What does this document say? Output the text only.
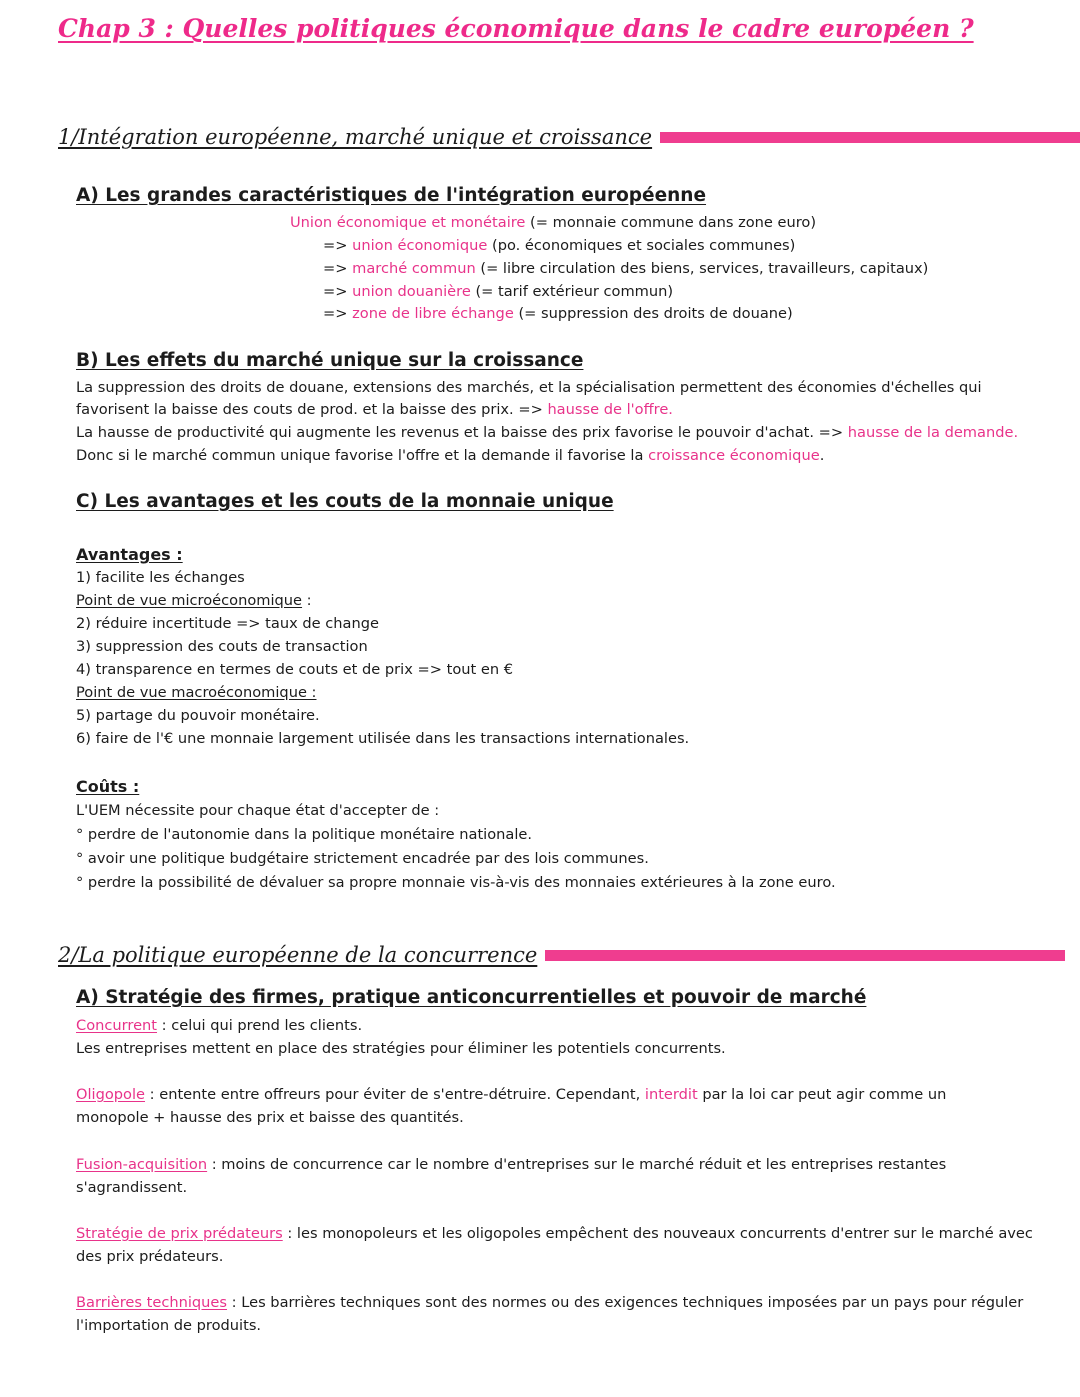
Chap 3 : Quelles politiques économique dans le cadre européen ?
1/Intégration européenne, marché unique et croissance
A) Les grandes caractéristiques de l'intégration européenne
Union économique et monétaire (= monnaie commune dans zone euro)
=> union économique (po. économiques et sociales communes)
=> marché commun (= libre circulation des biens, services, travailleurs, capitaux)
=> union douanière (= tarif extérieur commun)
=> zone de libre échange (= suppression des droits de douane)
B) Les effets du marché unique sur la croissance
La suppression des droits de douane, extensions des marchés, et la spécialisation permettent des économies d'échelles qui
favorisent la baisse des couts de prod. et la baisse des prix. => hausse de l'offre.
La hausse de productivité qui augmente les revenus et la baisse des prix favorise le pouvoir d'achat. => hausse de la demande.
Donc si le marché commun unique favorise l'offre et la demande il favorise la croissance économique.
C) Les avantages et les couts de la monnaie unique
Avantages :
1) facilite les échanges
Point de vue microéconomique :
2) réduire incertitude => taux de change
3) suppression des couts de transaction
4) transparence en termes de couts et de prix => tout en €
Point de vue macroéconomique :
5) partage du pouvoir monétaire.
6) faire de l'€ une monnaie largement utilisée dans les transactions internationales.
Coûts :
L'UEM nécessite pour chaque état d'accepter de :
° perdre de l'autonomie dans la politique monétaire nationale.
° avoir une politique budgétaire strictement encadrée par des lois communes.
° perdre la possibilité de dévaluer sa propre monnaie vis-à-vis des monnaies extérieures à la zone euro.
2/La politique européenne de la concurrence
A) Stratégie des firmes, pratique anticoncurrentielles et pouvoir de marché
Concurrent : celui qui prend les clients.
Les entreprises mettent en place des stratégies pour éliminer les potentiels concurrents.
Oligopole : entente entre offreurs pour éviter de s'entre-détruire. Cependant, interdit par la loi car peut agir comme un
monopole + hausse des prix et baisse des quantités.
Fusion-acquisition : moins de concurrence car le nombre d'entreprises sur le marché réduit et les entreprises restantes
s'agrandissent.
Stratégie de prix prédateurs : les monopoleurs et les oligopoles empêchent des nouveaux concurrents d'entrer sur le marché avec
des prix prédateurs.
Barrières techniques : Les barrières techniques sont des normes ou des exigences techniques imposées par un pays pour réguler
l'importation de produits.
